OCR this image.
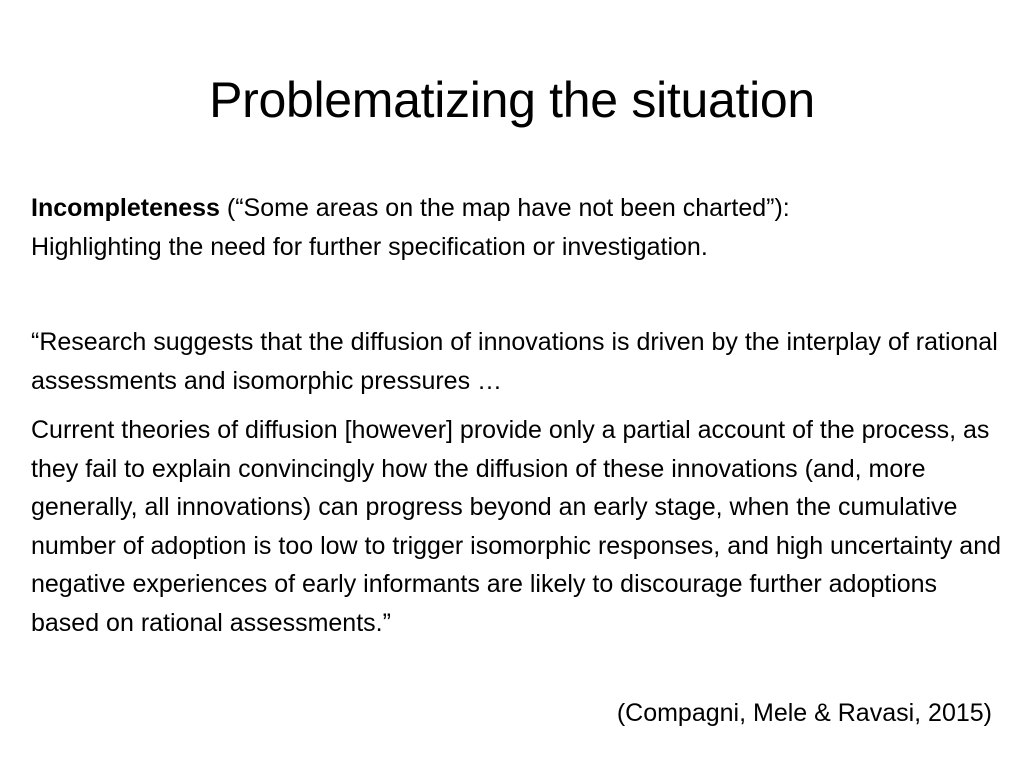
Problematizing the situation

Incompleteness (“Some areas on the map have not been charted”):
Highlighting the need for further specification or investigation.

“Research suggests that the diffusion of innovations is driven by the interplay of rational assessments and isomorphic pressures …

Current theories of diffusion [however] provide only a partial account of the process, as they fail to explain convincingly how the diffusion of these innovations (and, more generally, all innovations) can progress beyond an early stage, when the cumulative number of adoption is too low to trigger isomorphic responses, and high uncertainty and negative experiences of early informants are likely to discourage further adoptions based on rational assessments.”

(Compagni, Mele & Ravasi, 2015)
